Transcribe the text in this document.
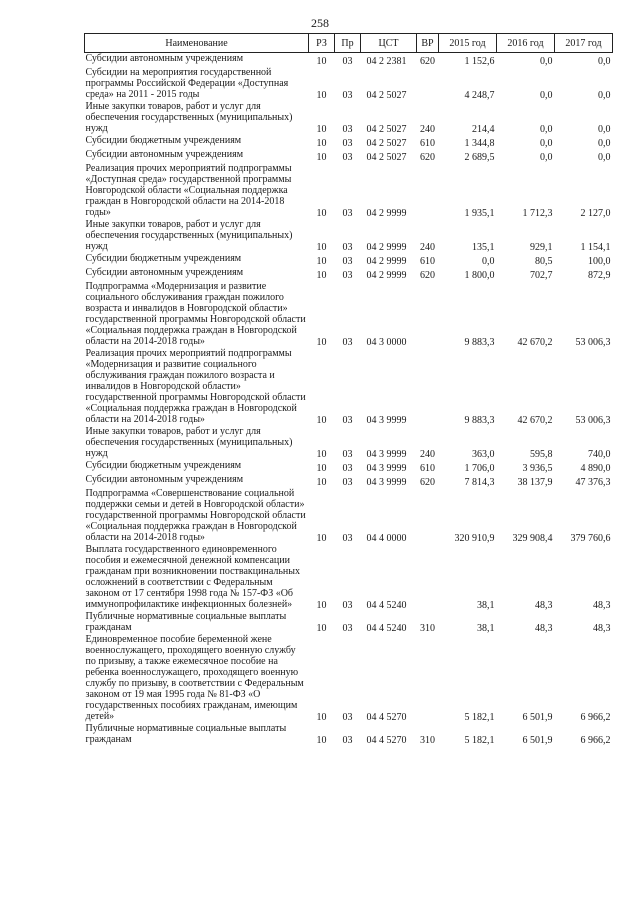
258
Наименование	РЗ	Пр	ЦСТ	ВР	2015 год	2016 год	2017 год
Субсидии автономным учреждениям	10	03	04 2 2381	620	1 152,6	0,0	0,0
Субсидии на мероприятия государственной программы Российской Федерации «Доступная среда» на 2011 - 2015 годы	10	03	04 2 5027		4 248,7	0,0	0,0
Иные закупки товаров, работ и услуг для обеспечения государственных (муниципальных) нужд	10	03	04 2 5027	240	214,4	0,0	0,0
Субсидии бюджетным учреждениям	10	03	04 2 5027	610	1 344,8	0,0	0,0
Субсидии автономным учреждениям	10	03	04 2 5027	620	2 689,5	0,0	0,0
Реализация прочих мероприятий подпрограммы «Доступная среда» государственной программы Новгородской области «Социальная поддержка граждан в Новгородской области на 2014-2018 годы»	10	03	04 2 9999		1 935,1	1 712,3	2 127,0
Иные закупки товаров, работ и услуг для обеспечения государственных (муниципальных) нужд	10	03	04 2 9999	240	135,1	929,1	1 154,1
Субсидии бюджетным учреждениям	10	03	04 2 9999	610	0,0	80,5	100,0
Субсидии автономным учреждениям	10	03	04 2 9999	620	1 800,0	702,7	872,9
Подпрограмма «Модернизация и развитие социального обслуживания граждан пожилого возраста и инвалидов в Новгородской области» государственной программы Новгородской области «Социальная поддержка граждан в Новгородской области на 2014-2018 годы»	10	03	04 3 0000		9 883,3	42 670,2	53 006,3
Реализация прочих мероприятий подпрограммы «Модернизация и развитие социального обслуживания граждан пожилого возраста и инвалидов в Новгородской области» государственной программы Новгородской области «Социальная поддержка граждан в Новгородской области на 2014-2018 годы»	10	03	04 3 9999		9 883,3	42 670,2	53 006,3
Иные закупки товаров, работ и услуг для обеспечения государственных (муниципальных) нужд	10	03	04 3 9999	240	363,0	595,8	740,0
Субсидии бюджетным учреждениям	10	03	04 3 9999	610	1 706,0	3 936,5	4 890,0
Субсидии автономным учреждениям	10	03	04 3 9999	620	7 814,3	38 137,9	47 376,3
Подпрограмма «Совершенствование социальной поддержки семьи и детей в Новгородской области» государственной программы Новгородской области «Социальная поддержка граждан в Новгородской области на 2014-2018 годы»	10	03	04 4 0000		320 910,9	329 908,4	379 760,6
Выплата государственного единовременного пособия и ежемесячной денежной компенсации гражданам при возникновении поствакцинальных осложнений в соответствии с Федеральным законом от 17 сентября 1998 года № 157-ФЗ «Об иммунопрофилактике инфекционных болезней»	10	03	04 4 5240		38,1	48,3	48,3
Публичные нормативные социальные выплаты гражданам	10	03	04 4 5240	310	38,1	48,3	48,3
Единовременное пособие беременной жене военнослужащего, проходящего военную службу по призыву, а также ежемесячное пособие на ребенка военнослужащего, проходящего военную службу по призыву, в соответствии с Федеральным законом от 19 мая 1995 года № 81-ФЗ «О государственных пособиях гражданам, имеющим детей»	10	03	04 4 5270		5 182,1	6 501,9	6 966,2
Публичные нормативные социальные выплаты гражданам	10	03	04 4 5270	310	5 182,1	6 501,9	6 966,2
